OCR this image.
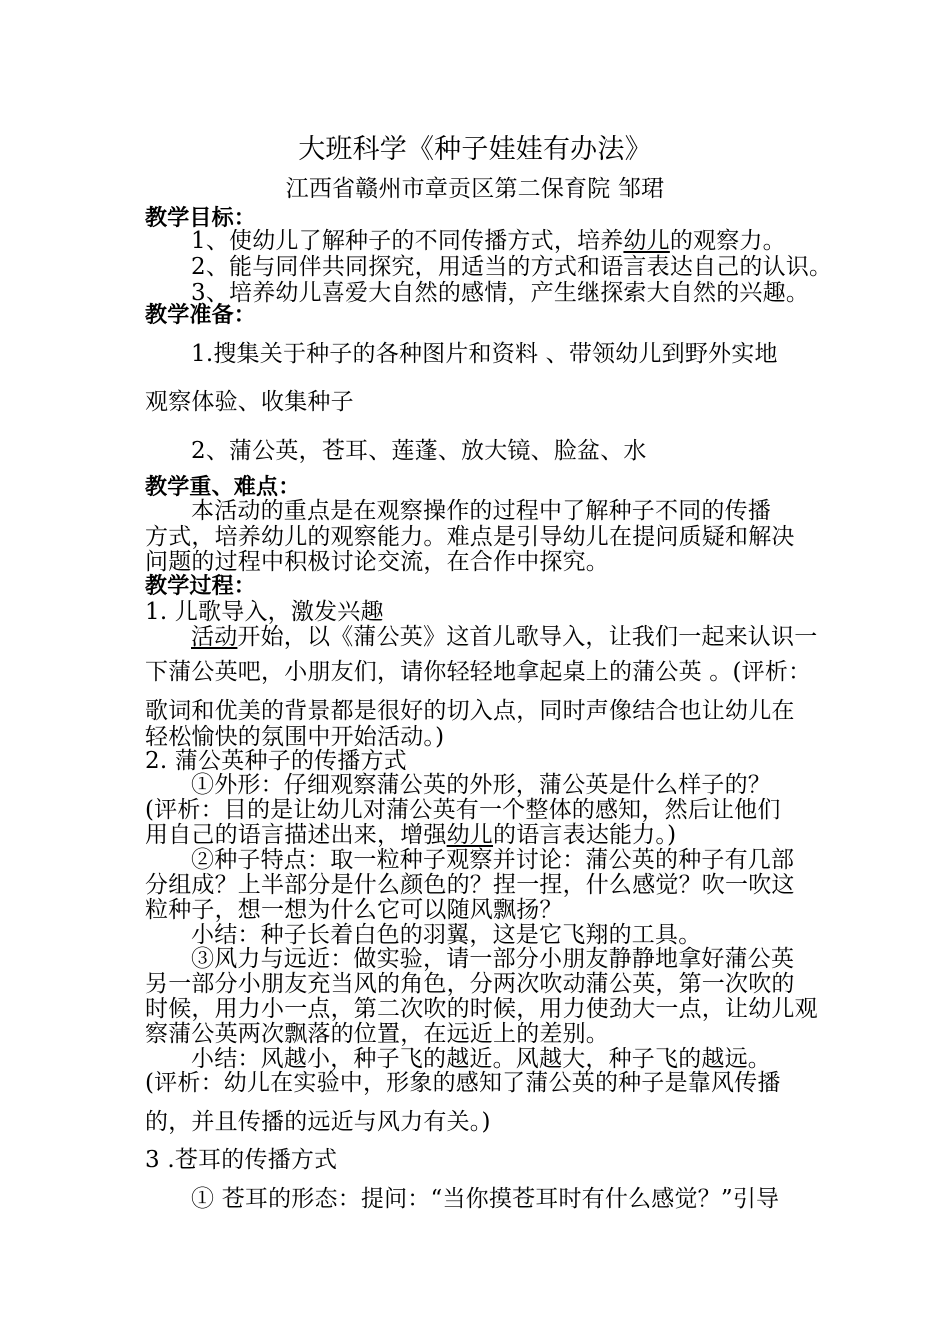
大班科学《种子娃娃有办法》
江西省赣州市章贡区第二保育院 邹珺
教学目标：
1、使幼儿了解种子的不同传播方式，培养幼儿的观察力。
2、能与同伴共同探究，用适当的方式和语言表达自己的认识。
3、培养幼儿喜爱大自然的感情，产生继探索大自然的兴趣。
教学准备：
1.搜集关于种子的各种图片和资料 、带领幼儿到野外实地
观察体验、收集种子
2、蒲公英，苍耳、莲蓬、放大镜、脸盆、水
教学重、难点：
本活动的重点是在观察操作的过程中了解种子不同的传播
方式，培养幼儿的观察能力。难点是引导幼儿在提问质疑和解决
问题的过程中积极讨论交流，在合作中探究。
教学过程：
1. 儿歌导入，激发兴趣
活动开始，以《蒲公英》这首儿歌导入，让我们一起来认识一
下蒲公英吧，小朋友们，请你轻轻地拿起桌上的蒲公英 。(评析：
歌词和优美的背景都是很好的切入点，同时声像结合也让幼儿在
轻松愉快的氛围中开始活动。)
2. 蒲公英种子的传播方式
①外形：仔细观察蒲公英的外形，蒲公英是什么样子的？
(评析：目的是让幼儿对蒲公英有一个整体的感知，然后让他们
用自己的语言描述出来，增强幼儿的语言表达能力。)
②种子特点：取一粒种子观察并讨论：蒲公英的种子有几部
分组成？上半部分是什么颜色的？捏一捏，什么感觉？吹一吹这
粒种子，想一想为什么它可以随风飘扬？
小结：种子长着白色的羽翼，这是它飞翔的工具。
③风力与远近：做实验，请一部分小朋友静静地拿好蒲公英
另一部分小朋友充当风的角色，分两次吹动蒲公英，第一次吹的
时候，用力小一点，第二次吹的时候，用力使劲大一点，让幼儿观
察蒲公英两次飘落的位置，在远近上的差别。
小结：风越小，种子飞的越近。风越大，种子飞的越远。
(评析：幼儿在实验中，形象的感知了蒲公英的种子是靠风传播
的，并且传播的远近与风力有关。)
3 .苍耳的传播方式
① 苍耳的形态：提问：“当你摸苍耳时有什么感觉？”引导
